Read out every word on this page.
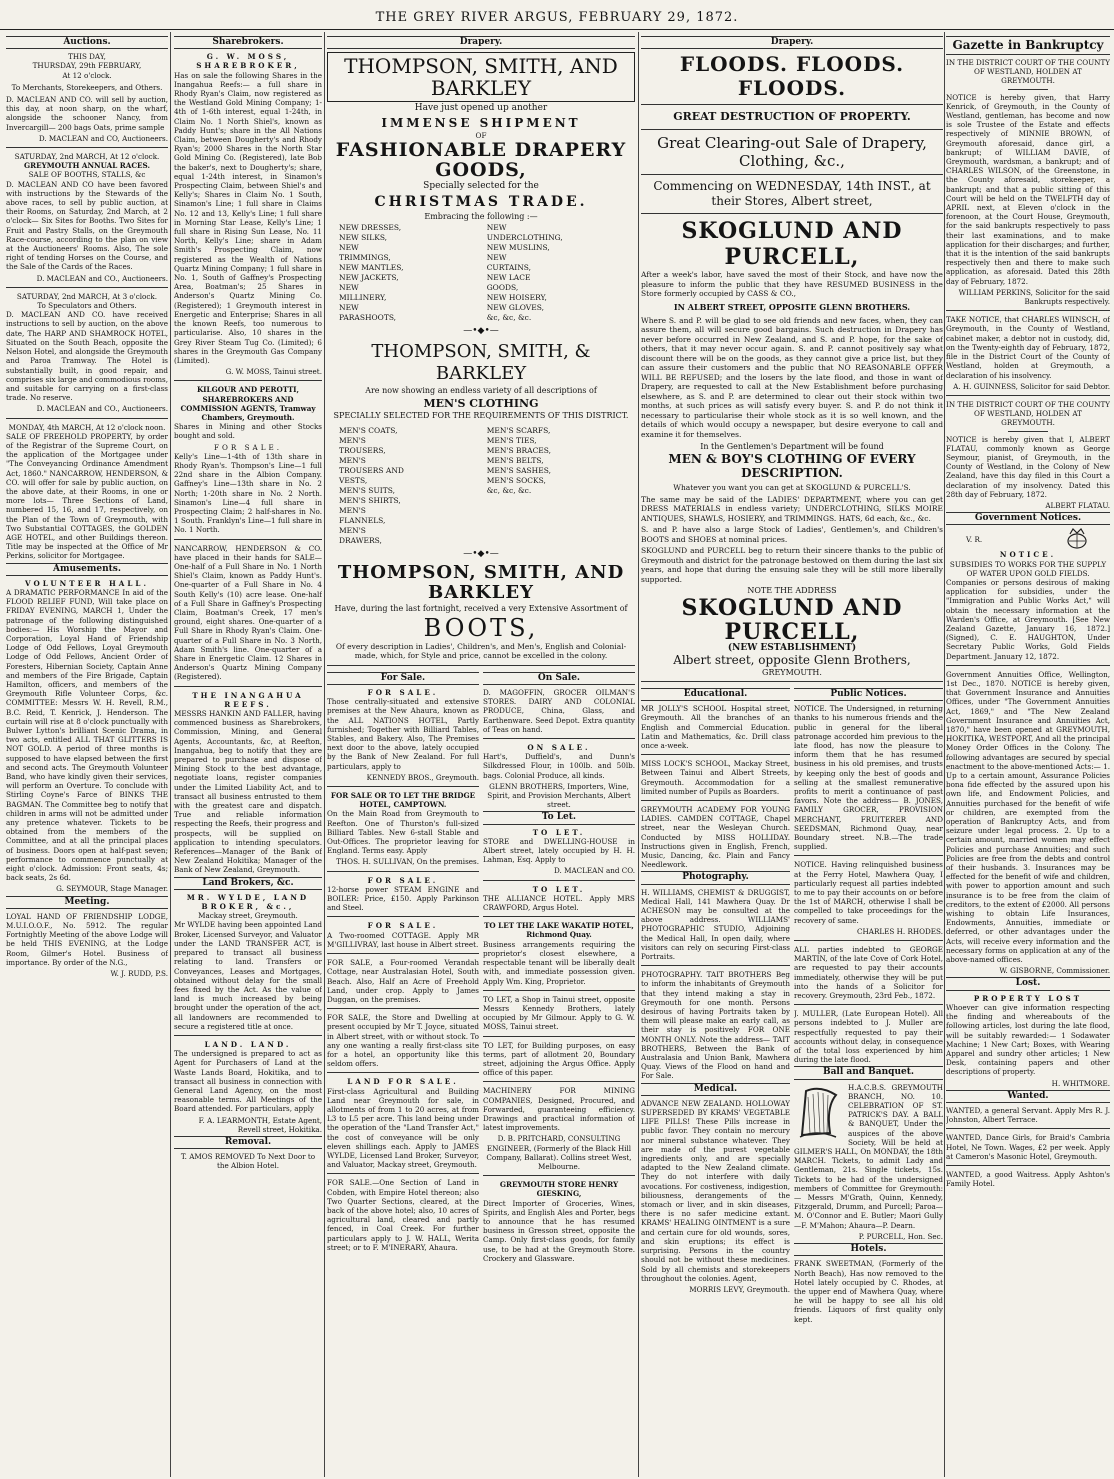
THE GREY RIVER ARGUS, FEBRUARY 29, 1872.
Auctions.
THIS DAY,
THURSDAY, 29th FEBRUARY,
At 12 o'clock.
To Merchants, Storekeepers, and Others.

D. MACLEAN AND CO. will sell by auction, this day, at noon sharp, on the wharf, alongside the schooner Nancy, from Invercargill— 200 bags Oats, prime sample

D. MACLEAN and CO, Auctioneers.
SATURDAY, 2nd MARCH, At 12 o'clock.
GREYMOUTH ANNUAL RACES.
SALE OF BOOTHS, STALLS, &c

D. MACLEAN AND CO have been favored with instructions by the Stewards of the above races, to sell by public auction, at their Rooms, on Saturday, 2nd March, at 2 o'clock— Six Sites for Booths. Two Sites for Fruit and Pastry Stalls, on the Greymouth Race-course, according to the plan on view at the Auctioneers' Rooms. Also, The sole right of tending Horses on the Course, and the Sale of the Cards of the Races.

D. MACLEAN and CO., Auctioneers.
SATURDAY, 2nd MARCH, At 3 o'clock.
To Speculators and Others.

D. MACLEAN AND CO. have received instructions to sell by auction, on the above date, The HARP AND SHAMROCK HOTEL, Situated on the South Beach, opposite the Nelson Hotel, and alongside the Greymouth and Paroa Tramway. The Hotel is substantially built, in good repair, and comprises six large and commodious rooms, and suitable for carrying on a first-class trade. No reserve.

D. MACLEAN and CO., Auctioneers.
MONDAY, 4th MARCH, At 12 o'clock noon.

SALE OF FREEHOLD PROPERTY, by order of the Registrar of the Supreme Court, on the application of the Mortgagee under "The Conveyancing Ordinance Amendment Act, 1860." NANCARROW, HENDERSON, & CO. will offer for sale by public auction, on the above date, at their Rooms, in one or more lots— Three Sections of Land, numbered 15, 16, and 17, respectively, on the Plan of the Town of Greymouth, with Two Substantial COTTAGES, the GOLDEN AGE HOTEL, and other Buildings thereon. Title may be inspected at the Office of Mr Perkins, solicitor for Mortgagee.

Amusements.
VOLUNTEER HALL.

A DRAMATIC PERFORMANCE In aid of the FLOOD RELIEF FUND, Will take place on FRIDAY EVENING, MARCH 1, Under the patronage of the following distinguished bodies:— His Worship the Mayor and Corporation, Loyal Hand of Friendship Lodge of Odd Fellows, Loyal Greymouth Lodge of Odd Fellows, Ancient Order of Foresters, Hibernian Society, Captain Anne and members of the Fire Brigade, Captain Hamilton, officers, and members of the Greymouth Rifle Volunteer Corps, &c. COMMITTEE: Messrs W. H. Revell, R.M., B.C. Reid, T. Kenrick, J. Henderson. The curtain will rise at 8 o'clock punctually with Bulwer Lytton's brilliant Scenic Drama, in two acts, entitled ALL THAT GLITTERS IS NOT GOLD. A period of three months is supposed to have elapsed between the first and second acts. The Greymouth Volunteer Band, who have kindly given their services, will perform an Overture. To conclude with Stirling Coyne's Farce of BINKS THE BAGMAN. The Committee beg to notify that children in arms will not be admitted under any pretence whatever. Tickets to be obtained from the members of the Committee, and at all the principal places of business. Doors open at half-past seven; performance to commence punctually at eight o'clock. Admission: Front seats, 4s; back seats, 2s 6d.

G. SEYMOUR, Stage Manager.
Meeting.

LOYAL HAND OF FRIENDSHIP LODGE, M.U.I.O.O.F., No. 5912. The regular Fortnightly Meeting of the above Lodge will be held THIS EVENING, at the Lodge Room, Gilmer's Hotel. Business of importance. By order of the N.G.,

W. J. RUDD, P.S.
Sharebrokers.
G. W. MOSS, SHAREBROKER,

Has on sale the following Shares in the Inangahua Reefs:— a full share in Rhody Ryan's Claim, now registered as the Westland Gold Mining Company; 1-4th of 1-6th interest, equal 1-24th, in Claim No. 1 North Shiel's, known as Paddy Hunt's; share in the All Nations Claim, between Dougherty's and Rhody Ryan's; 2000 Shares in the North Star Gold Mining Co. (Registered), late Bob the baker's, next to Dougherty's; share, equal 1-24th interest, in Sinamon's Prospecting Claim, between Shiel's and Kelly's; Shares in Claim No. 1 South, Sinamon's Line; 1 full share in Claims No. 12 and 13, Kelly's Line; 1 full share in Morning Star Lease, Kelly's Line; 1 full share in Rising Sun Lease, No. 11 North, Kelly's Line; share in Adam Smith's Prospecting Claim, now registered as the Wealth of Nations Quartz Mining Company; 1 full share in No. 1, South of Gaffney's Prospecting Area, Boatman's; 25 Shares in Anderson's Quartz Mining Co. (Registered); 1 Greymouth interest in Energetic and Enterprise; Shares in all the known Reefs, too numerous to particularise. Also, 10 shares in the Grey River Steam Tug Co. (Limited); 6 shares in the Greymouth Gas Company (Limited).

G. W. MOSS, Tainui street.
KILGOUR AND PEROTTI, SHAREBROKERS AND COMMISSION AGENTS, Tramway Chambers, Greymouth.

Shares in Mining and other Stocks bought and sold.

FOR SALE.

Kelly's Line—1-4th of 13th share in Rhody Ryan's. Thompson's Line—1 full 22nd share in the Albion Company. Gaffney's Line—13th share in No. 2 North; 1-20th share in No. 2 North. Sinamon's Line—4 full share in Prospecting Claim; 2 half-shares in No. 1 South. Franklyn's Line—1 full share in No. 1 North.

NANCARROW, HENDERSON & CO. have placed in their hands for SALE— One-half of a Full Share in No. 1 North Shiel's Claim, known as Paddy Hunt's. One-quarter of a Full Share in No. 4 South Kelly's (10) acre lease. One-half of a Full Share in Gaffney's Prospecting Claim, Boatman's Creek, 17 men's ground, eight shares. One-quarter of a Full Share in Rhody Ryan's Claim. One-quarter of a Full Share in No. 3 North, Adam Smith's line. One-quarter of a Share in Energetic Claim. 12 Shares in Anderson's Quartz Mining Company (Registered).

THE INANGAHUA REEFS.

MESSRS HANKIN AND FALLER, having commenced business as Sharebrokers, Commission, Mining, and General Agents, Accountants, &c, at Reefton, Inangahua, beg to notify that they are prepared to purchase and dispose of Mining Stock to the best advantage, negotiate loans, register companies under the Limited Liability Act, and to transact all business entrusted to them with the greatest care and dispatch. True and reliable information respecting the Reefs, their progress and prospects, will be supplied on application to intending speculators. References—Manager of the Bank of New Zealand Hokitika; Manager of the Bank of New Zealand, Greymouth.

Land Brokers, &c.
MR. WYLDE, LAND BROKER, &c.,
Mackay street, Greymouth.

Mr WYLDE having been appointed Land Broker, Licensed Surveyor, and Valuator under the LAND TRANSFER ACT, is prepared to transact all business relating to land. Transfers or Conveyances, Leases and Mortgages, obtained without delay for the small fees fixed by the Act. As the value of land is much increased by being brought under the operation of the act, all landowners are recommended to secure a registered title at once.

LAND. LAND.

The undersigned is prepared to act as Agent for Purchasers of Land at the Waste Lands Board, Hokitika, and to transact all business in connection with General Land Agency, on the most reasonable terms. All Meetings of the Board attended. For particulars, apply

F. A. LEARMONTH, Estate Agent, Revell street, Hokitika.
Removal.
T. AMOS REMOVED To Next Door to the Albion Hotel.
Drapery.
THOMPSON, SMITH, AND BARKLEY
Have just opened up another
IMMENSE SHIPMENT
OF
FASHIONABLE DRAPERY GOODS,
Specially selected for the
CHRISTMAS TRADE.
Embracing the following :—
NEW DRESSES,
NEW SILKS,
NEW TRIMMINGS,
NEW MANTLES,
NEW JACKETS,
NEW MILLINERY,
NEW PARASHOOTS,
NEW UNDERCLOTHING,
NEW MUSLINS,
NEW CURTAINS,
NEW LACE GOODS,
NEW HOISERY,
NEW GLOVES,
&c, &c, &c.
—•◆•—
THOMPSON, SMITH, & BARKLEY
Are now showing an endless variety of all descriptions of
MEN'S CLOTHING
SPECIALLY SELECTED FOR THE REQUIREMENTS OF THIS DISTRICT.
MEN'S COATS,
MEN'S TROUSERS,
MEN'S TROUSERS AND VESTS,
MEN'S SUITS,
MEN'S SHIRTS,
MEN'S FLANNELS,
MEN'S DRAWERS,
MEN'S SCARFS,
MEN'S TIES,
MEN'S BRACES,
MEN'S BELTS,
MEN'S SASHES,
MEN'S SOCKS,
&c, &c, &c.
—•◆•—
THOMPSON, SMITH, AND BARKLEY
Have, during the last fortnight, received a very Extensive Assortment of
BOOTS,
Of every description in Ladies', Children's, and Men's, English and Colonial-made, which, for Style and price, cannot be excelled in the colony.
For Sale.
FOR SALE.

Those centrally-situated and extensive premises at the New Ahaura, known as the ALL NATIONS HOTEL, Partly furnished; Together with Billiard Tables, Stables, and Bakery. Also, The Premises next door to the above, lately occupied by the Bank of New Zealand. For full particulars, apply to

KENNEDY BROS., Greymouth.
FOR SALE OR TO LET THE BRIDGE HOTEL, CAMPTOWN.

On the Main Road from Greymouth to Reefton. One of Thurston's full-sized Billiard Tables. New 6-stall Stable and Out-Offices. The proprietor leaving for England. Terms easy. Apply

THOS. H. SULLIVAN, On the premises.
FOR SALE.

12-horse power STEAM ENGINE and BOILER: Price, £150. Apply Parkinson and Steel.

FOR SALE.

A Two-roomed COTTAGE. Apply MR M'GILLIVRAY, last house in Albert street.

FOR SALE, a Four-roomed Verandah Cottage, near Australasian Hotel, South Beach. Also, Half an Acre of Freehold Land, under crop. Apply to James Duggan, on the premises.

FOR SALE, the Store and Dwelling at present occupied by Mr T. Joyce, situated in Albert street, with or without stock. To any one wanting a really first-class site for a hotel, an opportunity like this seldom offers.

LAND FOR SALE.

First-class Agricultural and Building Land near Greymouth for sale, in allotments of from 1 to 20 acres, at from L3 to L5 per acre. This land being under the operation of the "Land Transfer Act," the cost of conveyance will be only eleven shillings each. Apply to JAMES WYLDE, Licensed Land Broker, Surveyor, and Valuator, Mackay street, Greymouth.

FOR SALE.—One Section of Land in Cobden, with Empire Hotel thereon; also Two Quarter Sections, cleared, at the back of the above hotel; also, 10 acres of agricultural land, cleared and partly fenced, in Coal Creek. For further particulars apply to J. W. HALL, Werita street; or to F. M'INERARY, Ahaura.

On Sale.

D. MAGOFFIN, GROCER OILMAN'S STORES. DAIRY AND COLONIAL PRODUCE, China, Glass, and Earthenware. Seed Depot. Extra quantity of Teas on hand.

ON SALE.

Hart's, Duffield's, and Dunn's Silkdressed Flour, in 100lb. and 50lb. bags. Colonial Produce, all kinds.

GLENN BROTHERS, Importers, Wine, Spirit, and Provision Merchants, Albert street.
To Let.
TO LET.

STORE and DWELLING-HOUSE in Albert street, lately occupied by H. H. Lahman, Esq. Apply to

D. MACLEAN and CO.
TO LET.

THE ALLIANCE HOTEL. Apply MRS CRAWFORD, Argus Hotel.

TO LET THE LAKE WAKATIP HOTEL, Richmond Quay.

Business arrangements requiring the proprietor's closest elsewhere, a respectable tenant will be liberally dealt with, and immediate possession given. Apply Wm. King, Proprietor.

TO LET, a Shop in Tainui street, opposite Messrs Kennedy Brothers, lately occupied by Mr Gilmour. Apply to G. W. MOSS, Tainui street.

TO LET, for Building purposes, on easy terms, part of allotment 20, Boundary street, adjoining the Argus Office. Apply office of this paper.

MACHINERY FOR MINING COMPANIES, Designed, Procured, and Forwarded, guaranteeing efficiency. Drawings and practical information of latest improvements.

D. B. PRITCHARD, CONSULTING ENGINEER, (Formerly of the Black Hill Company, Ballarat). Collins street West, Melbourne.
GREYMOUTH STORE HENRY GIESKING,

Direct Importer of Groceries, Wines, Spirits, and English Ales and Porter, begs to announce that he has resumed business in Gresson street, opposite the Camp. Only first-class goods, for family use, to be had at the Greymouth Store. Crockery and Glassware.

Drapery.
FLOODS. FLOODS. FLOODS.
GREAT DESTRUCTION OF PROPERTY.
Great Clearing-out Sale of Drapery, Clothing, &c.,
Commencing on WEDNESDAY, 14th INST., at their Stores, Albert street,
SKOGLUND AND PURCELL,

After a week's labor, have saved the most of their Stock, and have now the pleasure to inform the public that they have RESUMED BUSINESS in the Store formerly occupied by CASS & CO.,

IN ALBERT STREET, OPPOSITE GLENN BROTHERS.

Where S. and P. will be glad to see old friends and new faces, when, they can assure them, all will secure good bargains. Such destruction in Drapery has never before occurred in New Zealand, and S. and P. hope, for the sake of others, that it may never occur again. S. and P. cannot positively say what discount there will be on the goods, as they cannot give a price list, but they can assure their customers and the public that NO REASONABLE OFFER WILL BE REFUSED; and the losers by the late flood, and those in want of Drapery, are requested to call at the New Establishment before purchasing elsewhere, as S. and P. are determined to clear out their stock within two months, at such prices as will satisfy every buyer. S. and P. do not think it necessary to particularise their whole stock as it is so well known, and the details of which would occupy a newspaper, but desire everyone to call and examine it for themselves.

In the Gentlemen's Department will be found
MEN & BOY'S CLOTHING OF EVERY DESCRIPTION.
Whatever you want you can get at SKOGLUND & PURCELL'S.

The same may be said of the LADIES' DEPARTMENT, where you can get DRESS MATERIALS in endless variety; UNDERCLOTHING, SILKS MOIRE ANTIQUES, SHAWLS, HOSIERY, and TRIMMINGS. HATS, 6d each, &c., &c.

S. and P. have also a large Stock of Ladies', Gentlemen's, and Children's BOOTS and SHOES at nominal prices.

SKOGLUND and PURCELL beg to return their sincere thanks to the public of Greymouth and district for the patronage bestowed on them during the last six years, and hope that during the ensuing sale they will be still more liberally supported.

NOTE THE ADDRESS
SKOGLUND AND PURCELL,
(NEW ESTABLISHMENT)
Albert street, opposite Glenn Brothers,
GREYMOUTH.
Educational.

MR JOLLY'S SCHOOL Hospital street, Greymouth. All the branches of an English and Commercial Education. Latin and Mathematics, &c. Drill class once a-week.

MISS LOCK'S SCHOOL, Mackay Street, Between Tainui and Albert Streets, Greymouth. Accommodation for a limited number of Pupils as Boarders.

GREYMOUTH ACADEMY FOR YOUNG LADIES. CAMDEN COTTAGE, Chapel street, near the Wesleyan Church. Conducted by MISS HOLLIDAY. Instructions given in English, French, Music, Dancing, &c. Plain and Fancy Needlework.

Photography.

H. WILLIAMS, CHEMIST & DRUGGIST, Medical Hall, 141 Mawhera Quay. Dr ACHESON may be consulted at the above address. WILLIAMS' PHOTOGRAPHIC STUDIO, Adjoining the Medical Hall, In open daily, where visitors can rely on securing First-class Portraits.

PHOTOGRAPHY. TAIT BROTHERS Beg to inform the inhabitants of Greymouth that they intend making a stay in Greymouth for one month. Persons desirous of having Portraits taken by them will please make an early call, as their stay is positively FOR ONE MONTH ONLY. Note the address— TAIT BROTHERS, Between the Bank of Australasia and Union Bank, Mawhera Quay. Views of the Flood on hand and For Sale.

Medical.

ADVANCE NEW ZEALAND. HOLLOWAY SUPERSEDED BY KRAMS' VEGETABLE LIFE PILLS! These Pills increase in public favor. They contain no mercury nor mineral substance whatever. They are made of the purest vegetable ingredients only, and are specially adapted to the New Zealand climate. They do not interfere with daily avocations. For costiveness, indigestion, biliousness, derangements of the stomach or liver, and in skin diseases, there is no safer medicine extant. KRAMS' HEALING OINTMENT is a sure and certain cure for old wounds, sores, and skin eruptions; its effect is surprising. Persons in the country should not be without these medicines. Sold by all chemists and storekeepers throughout the colonies. Agent,

MORRIS LEVY, Greymouth.
Public Notices.

NOTICE. The Undersigned, in returning thanks to his numerous friends and the public in general for the liberal patronage accorded him previous to the late flood, has now the pleasure to inform them that he has resumed business in his old premises, and trusts by keeping only the best of goods and selling at the smallest remunerative profits to merit a continuance of past favors. Note the address— B. JONES, FAMILY GROCER, PROVISION MERCHANT, FRUITERER AND SEEDSMAN, Richmond Quay, near Boundary street. N.B.—The trade supplied.

NOTICE. Having relinquished business at the Ferry Hotel, Mawhera Quay, I particularly request all parties indebted to me to pay their accounts on or before the 1st of MARCH, otherwise I shall be compelled to take proceedings for the recovery of same.

CHARLES H. RHODES.

ALL parties indebted to GEORGE MARTIN, of the late Cove of Cork Hotel, are requested to pay their accounts immediately, otherwise they will be put into the hands of a Solicitor for recovery. Greymouth, 23rd Feb., 1872.

J. MULLER, (Late European Hotel). All persons indebted to J. Muller are respectfully requested to pay their accounts without delay, in consequence of the total loss experienced by him during the late flood.

Ball and Banquet.

H.A.C.B.S. GREYMOUTH BRANCH, NO. 10. CELEBRATION OF ST. PATRICK'S DAY. A BALL & BANQUET, Under the auspices of the above Society, Will be held at GILMER'S HALL, On MONDAY, the 18th MARCH. Tickets, to admit Lady and Gentleman, 21s. Single tickets, 15s. Tickets to be had of the undersigned members of Committee for Greymouth:— Messrs M'Grath, Quinn, Kennedy, Fitzgerald, Drumm, and Purcell; Paroa—M. O'Connor and E. Butler; Maori Gully—F. M'Mahon; Ahaura—P. Dearn.

P. PURCELL, Hon. Sec.
Hotels.

FRANK SWEETMAN, (Formerly of the North Beach), Has now removed to the Hotel lately occupied by C. Rhodes, at the upper end of Mawhera Quay, where he will be happy to see all his old friends. Liquors of first quality only kept.

Gazette in Bankruptcy
IN THE DISTRICT COURT OF THE COUNTY OF WESTLAND, HOLDEN AT GREYMOUTH.

NOTICE is hereby given, that Harry Kenrick, of Greymouth, in the County of Westland, gentleman, has become and now is sole Trustee of the Estate and effects respectively of MINNIE BROWN, of Greymouth aforesaid, dance girl, a bankrupt; of WILLIAM DAVIE, of Greymouth, wardsman, a bankrupt; and of CHARLES WILSON, of the Greenstone, in the County aforesaid, storekeeper, a bankrupt; and that a public sitting of this Court will be held on the TWELFTH day of APRIL next, at Eleven o'clock in the forenoon, at the Court House, Greymouth, for the said bankrupts respectively to pass their last examinations, and to make application for their discharges; and further, that it is the intention of the said bankrupts respectively then and there to make such application, as aforesaid. Dated this 28th day of February, 1872.

WILLIAM PERKINS, Solicitor for the said Bankrupts respectively.

TAKE NOTICE, that CHARLES WIINSCH, of Greymouth, in the County of Westland, cabinet maker, a debtor not in custody, did, on the Twenty-eighth day of February, 1872, file in the District Court of the County of Westland, holden at Greymouth, a declaration of his insolvency.

A. H. GUINNESS, Solicitor for said Debtor.
IN THE DISTRICT COURT OF THE COUNTY OF WESTLAND, HOLDEN AT GREYMOUTH.

NOTICE is hereby given that I, ALBERT FLATAU, commonly known as George Seymour, pianist, of Greymouth, in the County of Westland, in the Colony of New Zealand, have this day filed in this Court a declaration of my insolvency. Dated this 28th day of February, 1872.

ALBERT FLATAU.
Government Notices.
V. R.
NOTICE.
SUBSIDIES TO WORKS FOR THE SUPPLY OF WATER UPON GOLD FIELDS.

Companies or persons desirous of making application for subsidies, under the "Immigration and Public Works Act," will obtain the necessary information at the Warden's Office, at Greymouth. [See New Zealand Gazette, January 16, 1872.] (Signed), C. E. HAUGHTON, Under Secretary Public Works, Gold Fields Department. January 12, 1872.

Government Annuities Office, Wellington, 1st Dec., 1870. NOTICE is hereby given, that Government Insurance and Annuities Offices, under "The Government Annuities Act, 1869," and "The New Zealand Government Insurance and Annuities Act, 1870," have been opened at GREYMOUTH, HOKITIKA, WESTPORT, And all the principal Money Order Offices in the Colony. The following advantages are secured by special enactment to the above-mentioned Acts:— 1. Up to a certain amount, Assurance Policies bona fide effected by the assured upon his own life, and Endowment Policies, and Annuities purchased for the benefit of wife or children, are exempted from the operation of Bankruptcy Acts, and from seizure under legal process. 2. Up to a certain amount, married women may effect Policies and purchase Annuities; and such Policies are free from the debts and control of their husbands. 3. Insurances may be effected for the benefit of wife and children, with power to apportion amount and such insurance is to be free from the claim of creditors, to the extent of £2000. All persons wishing to obtain Life Insurances, Endowments, Annuities, immediate or deferred, or other advantages under the Acts, will receive every information and the necessary forms on application at any of the above-named offices.

W. GISBORNE, Commissioner.
Lost.
PROPERTY LOST

Whoever can give information respecting the finding and whereabouts of the following articles, lost during the late flood, will be suitably rewarded:— 1 Sodawater Machine; 1 New Cart; Boxes, with Wearing Apparel and sundry other articles; 1 New Desk, containing papers and other descriptions of property.

H. WHITMORE.
Wanted.

WANTED, a general Servant. Apply Mrs R. J. Johnston, Albert Terrace.

WANTED, Dance Girls, for Braid's Cambria Hotel, Ne Town. Wages, £2 per week. Apply at Cameron's Masonic Hotel, Greymouth.

WANTED, a good Waitress. Apply Ashton's Family Hotel.
